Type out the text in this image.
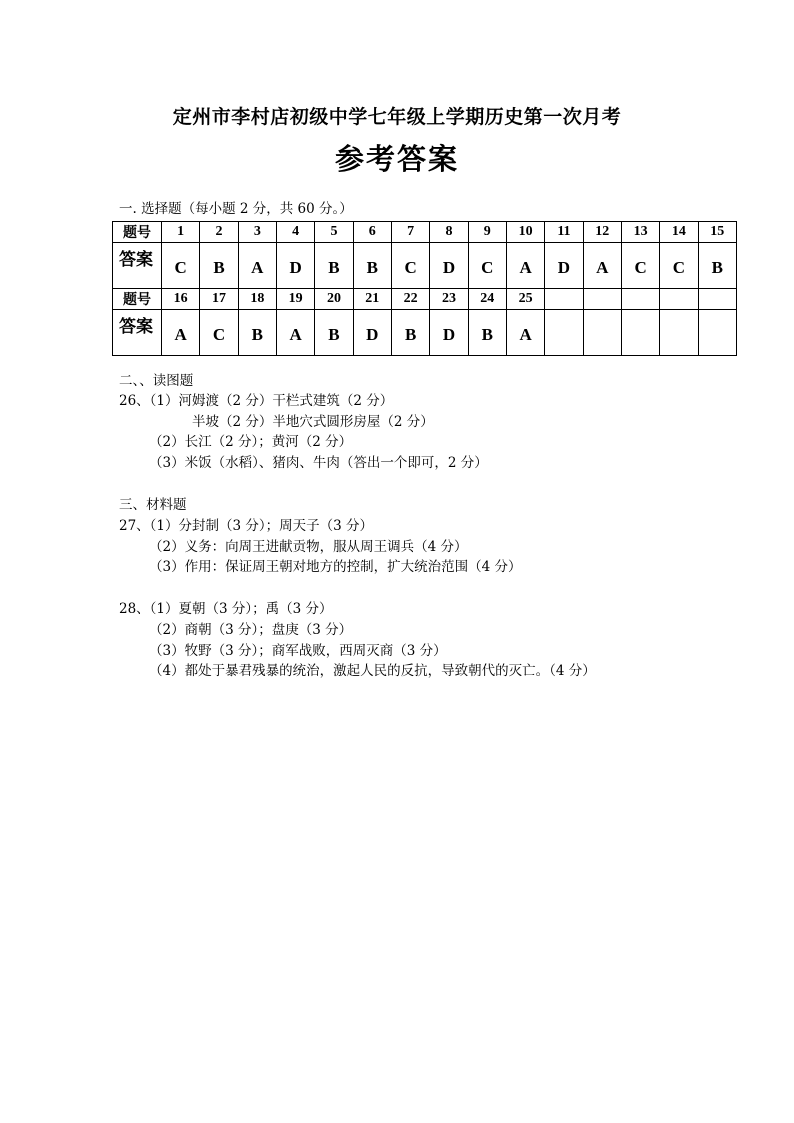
定州市李村店初级中学七年级上学期历史第一次月考
参考答案
一. 选择题（每小题 2 分，共 60 分。）
题号	1	2	3	4	5	6	7	8	9	10	11	12	13	14	15
答案	C	B	A	D	B	B	C	D	C	A	D	A	C	C	B
题号	16	17	18	19	20	21	22	23	24	25					
答案	A	C	B	A	B	D	B	D	B	A					
二、、读图题
26、（1）河姆渡（2 分）干栏式建筑（2 分）
半坡（2 分）半地穴式圆形房屋（2 分）
（2）长江（2 分）；黄河（2 分）
（3）米饭（水稻）、猪肉、牛肉（答出一个即可，2 分）
三、材料题
27、（1）分封制（3 分）；周天子（3 分）
（2）义务：向周王进献贡物，服从周王调兵（4 分）
（3）作用：保证周王朝对地方的控制，扩大统治范围（4 分）
28、（1）夏朝（3 分）；禹（3 分）
（2）商朝（3 分）；盘庚（3 分）
（3）牧野（3 分）；商军战败，西周灭商（3 分）
（4）都处于暴君残暴的统治，激起人民的反抗，导致朝代的灭亡。（4 分）
